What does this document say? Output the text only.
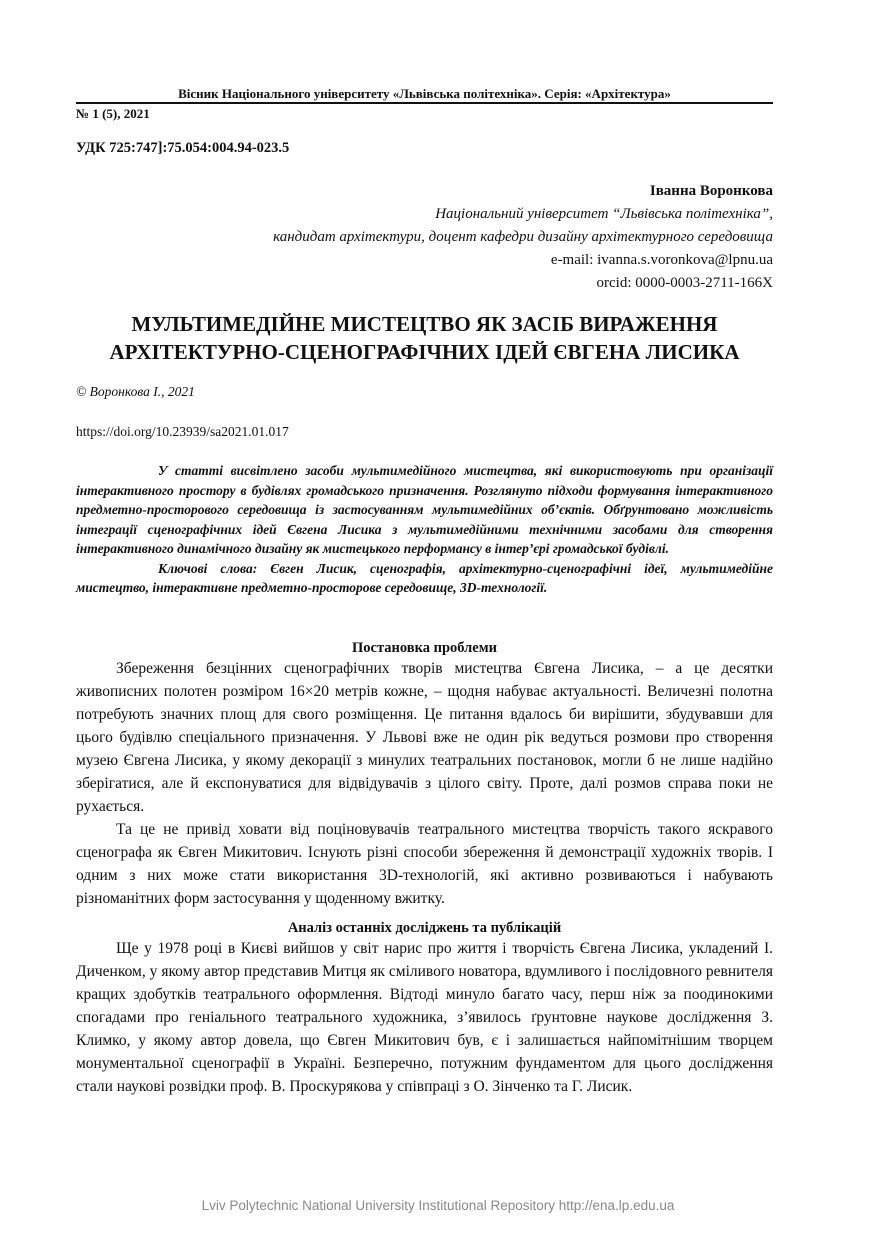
Вісник Національного університету «Львівська політехніка». Серія: «Архітектура»
№ 1 (5), 2021
УДК 725:747]:75.054:004.94-023.5
Іванна Воронкова
Національний університет “Львівська політехніка”,
кандидат архітектури, доцент кафедри дизайну архітектурного середовища
e-mail: ivanna.s.voronkova@lpnu.ua
orcid: 0000-0003-2711-166X
МУЛЬТИМЕДІЙНЕ МИСТЕЦТВО ЯК ЗАСІБ ВИРАЖЕННЯ
АРХІТЕКТУРНО-СЦЕНОГРАФІЧНИХ ІДЕЙ ЄВГЕНА ЛИСИКА
© Воронкова І., 2021
https://doi.org/10.23939/sa2021.01.017

У статті висвітлено засоби мультимедійного мистецтва, які використовують при організації інтерактивного простору в будівлях громадського призначення. Розглянуто підходи формування інтерактивного предметно-просторового середовища із застосуванням мультимедійних об’єктів. Обґрунтовано можливість інтеграції сценографічних ідей Євгена Лисика з мультимедійними технічними засобами для створення інтерактивного динамічного дизайну як мистецького перформансу в інтер’єрі громадської будівлі.

Ключові слова: Євген Лисик, сценографія, архітектурно-сценографічні ідеї, мультимедійне мистецтво, інтерактивне предметно-просторове середовище, 3D-технології.

Постановка проблеми

Збереження безцінних сценографічних творів мистецтва Євгена Лисика, – а це десятки живописних полотен розміром 16×20 метрів кожне, – щодня набуває актуальності. Величезні полотна потребують значних площ для свого розміщення. Це питання вдалось би вирішити, збудувавши для цього будівлю спеціального призначення. У Львові вже не один рік ведуться розмови про створення музею Євгена Лисика, у якому декорації з минулих театральних постановок, могли б не лише надійно зберігатися, але й експонуватися для відвідувачів з цілого світу. Проте, далі розмов справа поки не рухається.

Та це не привід ховати від поціновувачів театрального мистецтва творчість такого яскравого сценографа як Євген Микитович. Існують різні способи збереження й демонстрації художніх творів. І одним з них може стати використання 3D-технологій, які активно розвиваються і набувають різноманітних форм застосування у щоденному вжитку.

Аналіз останніх досліджень та публікацій

Ще у 1978 році в Києві вийшов у світ нарис про життя і творчість Євгена Лисика, укладений І. Диченком, у якому автор представив Митця як сміливого новатора, вдумливого і послідовного ревнителя кращих здобутків театрального оформлення. Відтоді минуло багато часу, перш ніж за поодинокими спогадами про геніального театрального художника, з’явилось ґрунтовне наукове дослідження З. Климко, у якому автор довела, що Євген Микитович був, є і залишається найпомітнішим творцем монументальної сценографії в Україні. Безперечно, потужним фундаментом для цього дослідження стали наукові розвідки проф. В. Проскурякова у співпраці з О. Зінченко та Г. Лисик.

Lviv Polytechnic National University Institutional Repository http://ena.lp.edu.ua
